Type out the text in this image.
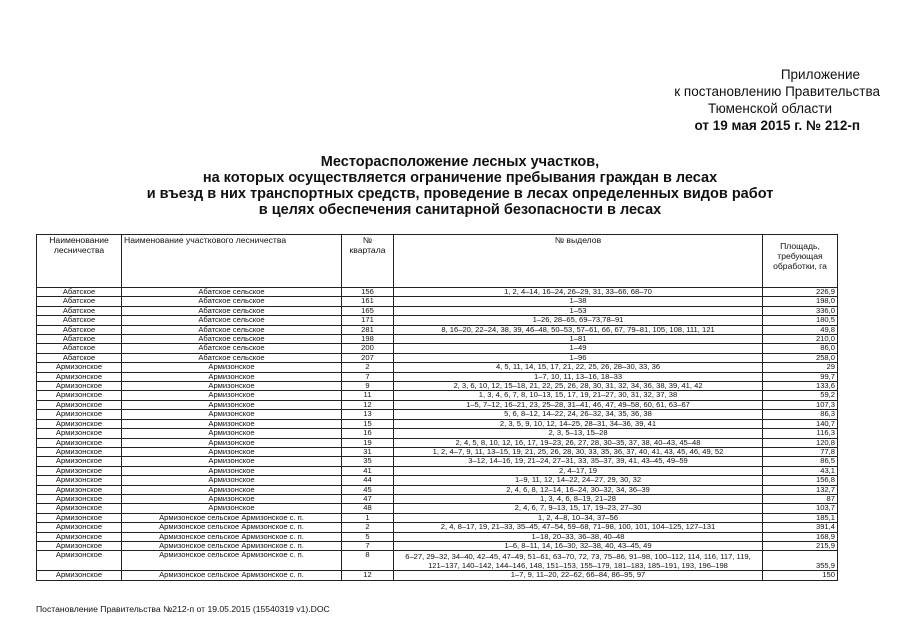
Приложение
к постановлению Правительства
Тюменской области
от 19 мая 2015 г. № 212-п
Месторасположение лесных участков,
на которых осуществляется ограничение пребывания граждан в лесах
и въезд в них транспортных средств, проведение в лесах определенных видов работ
в целях обеспечения санитарной безопасности в лесах
Наименование лесничества	Наименование участкового лесничества	№ квартала	№ выделов	Площадь, требующая обработки, га
Абатское	Абатское сельское	156	1, 2, 4–14, 16–24, 26–29, 31, 33–66, 68–70	226,9
Абатское	Абатское сельское	161	1–38	198,0
Абатское	Абатское сельское	165	1–53	336,0
Абатское	Абатское сельское	171	1–26, 28–65, 69–73,78–91	180,5
Абатское	Абатское сельское	281	8, 16–20, 22–24, 38, 39, 46–48, 50–53, 57–61, 66, 67, 79–81, 105, 108, 111, 121	49,8
Абатское	Абатское сельское	198	1–81	210,0
Абатское	Абатское сельское	200	1–49	86,0
Абатское	Абатское сельское	207	1–96	258,0
Армизонское	Армизонское	2	4, 5, 11, 14, 15, 17, 21, 22, 25, 26, 28–30, 33, 36	29
Армизонское	Армизонское	7	1–7, 10, 11, 13–16, 18–33	99,7
Армизонское	Армизонское	9	2, 3, 6, 10, 12, 15–18, 21, 22, 25, 26, 28, 30, 31, 32, 34, 36, 38, 39, 41, 42	133,6
Армизонское	Армизонское	11	1, 3, 4, 6, 7, 8, 10–13, 15, 17, 19, 21–27, 30, 31, 32, 37, 38	59,2
Армизонское	Армизонское	12	1–5, 7–12, 16–21, 23, 25–28, 31–41, 46, 47, 49–58, 60, 61, 63–67	107,3
Армизонское	Армизонское	13	5, 6, 8–12, 14–22, 24, 26–32, 34, 35, 36, 38	86,3
Армизонское	Армизонское	15	2, 3, 5, 9, 10, 12, 14–25, 28–31, 34–36, 39, 41	140,7
Армизонское	Армизонское	16	2, 3, 5–13, 15–28	116,3
Армизонское	Армизонское	19	2, 4, 5, 8, 10, 12, 16, 17, 19–23, 26, 27, 28, 30–35, 37, 38, 40–43, 45–48	120,8
Армизонское	Армизонское	31	1, 2, 4–7, 9, 11, 13–15, 19, 21, 25, 26, 28, 30, 33, 35, 36, 37, 40, 41, 43, 45, 46, 49, 52	77,8
Армизонское	Армизонское	35	3–12, 14–16, 19, 21–24, 27–31, 33, 35–37, 39, 41, 43–45, 49–59	86,5
Армизонское	Армизонское	41	2, 4–17, 19	43,1
Армизонское	Армизонское	44	1–9, 11, 12, 14–22, 24–27, 29, 30, 32	156,8
Армизонское	Армизонское	45	2, 4, 6, 8, 12–14, 16–24, 30–32, 34, 36–39	132,7
Армизонское	Армизонское	47	1, 3, 4, 6, 8–19, 21–28	87
Армизонское	Армизонское	48	2, 4, 6, 7, 9–13, 15, 17, 19–23, 27–30	103,7
Армизонское	Армизонское сельское Армизонское с. п.	1	1, 2, 4–8, 10–34, 37–56	185,1
Армизонское	Армизонское сельское Армизонское с. п.	2	2, 4, 8–17, 19, 21–33, 35–45, 47–54, 59–68, 71–98, 100, 101, 104–125, 127–131	391,4
Армизонское	Армизонское сельское Армизонское с. п.	5	1–18, 20–33, 36–38, 40–48	168,9
Армизонское	Армизонское сельское Армизонское с. п.	7	1–6, 8–11, 14, 16–30, 32–38, 40, 43–45, 49	215,9
Армизонское	Армизонское сельское Армизонское с. п.	8	6–27, 29–32, 34–40, 42–45, 47–49, 51–61, 63–70, 72, 73, 75–86, 91–98, 100–112, 114, 116, 117, 119, 121–137, 140–142, 144–146, 148, 151–153, 155–179, 181–183, 185–191, 193, 196–198	355,9
Армизонское	Армизонское сельское Армизонское с. п.	12	1–7, 9, 11–20, 22–62, 66–84, 86–95, 97	150
Постановление Правительства №212-п от 19.05.2015 (15540319 v1).DOC
